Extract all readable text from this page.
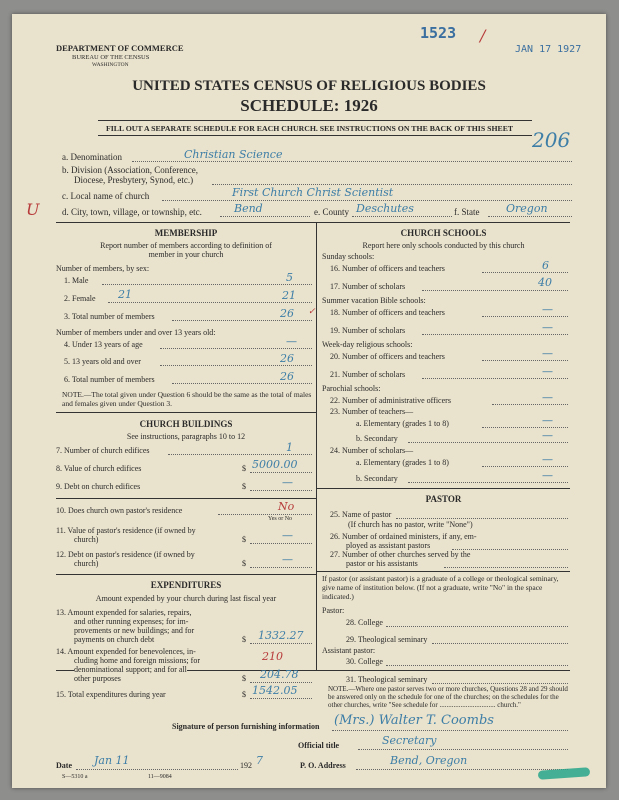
DEPARTMENT OF COMMERCE
BUREAU OF THE CENSUS
WASHINGTON
1523 /
JAN 17 1927
UNITED STATES CENSUS OF RELIGIOUS BODIES
SCHEDULE: 1926
FILL OUT A SEPARATE SCHEDULE FOR EACH CHURCH. SEE INSTRUCTIONS ON THE BACK OF THIS SHEET 206
a. Denomination	Christian Science
b. Division (Association, Conference,
Diocese, Presbytery, Synod, etc.)
c. Local name of church	First Church Christ Scientist
U	d. City, town, village, or township, etc.	Bend	e. County Deschutes	f. State Oregon
MEMBERSHIP
Report number of members according to definition of
member in your church
Number of members, by sex:
1. Male	5
2. Female 21	21
3. Total number of members	26 ✓
Number of members under and over 13 years old:
4. Under 13 years of age	—
5. 13 years old and over	26
6. Total number of members	26
NOTE.—The total given under Question 6 should be the same as the total of males and females given under Question 3.
CHURCH BUILDINGS
See instructions, paragraphs 10 to 12
7. Number of church edifices	1
8. Value of church edifices	$ 5000.00
9. Debt on church edifices	$	—
10. Does church own pastor's residence	No
Yes or No
11. Value of pastor's residence (if owned by
church)	$	—
12. Debt on pastor's residence (if owned by
church)	$	—
EXPENDITURES
Amount expended by your church during last fiscal year
13. Amount expended for salaries, repairs,
and other running expenses; for im-
provements or new buildings; and for
payments on church debt	$ 1332.27
14. Amount expended for benevolences, in-
cluding home and foreign missions; for	210
denominational support; and for all
other purposes	$ 204.78
15. Total expenditures during year	$ 1542.05
CHURCH SCHOOLS
Report here only schools conducted by this church
Sunday schools:
16. Number of officers and teachers	6
17. Number of scholars	40
Summer vacation Bible schools:
18. Number of officers and teachers	—
19. Number of scholars	—
Week-day religious schools:
20. Number of officers and teachers	—
21. Number of scholars	—
Parochial schools:
22. Number of administrative officers	—
23. Number of teachers—
a. Elementary (grades 1 to 8)	—
b. Secondary	—
24. Number of scholars—
a. Elementary (grades 1 to 8)	—
b. Secondary	—
PASTOR
25. Name of pastor
(If church has no pastor, write "None")
26. Number of ordained ministers, if any, em-
ployed as assistant pastors
27. Number of other churches served by the
pastor or his assistants
If pastor (or assistant pastor) is a graduate of a college or theological seminary, give name of institution below. (If not a graduate, write "No" in the space indicated.)
Pastor:
28. College
29. Theological seminary
Assistant pastor:
30. College
31. Theological seminary
NOTE.—Where one pastor serves two or more churches, Questions 28 and 29 should be answered only on the schedule for one of the churches; on the schedules for the other churches, write "See schedule for ................................ church."
Signature of person furnishing information (Mrs.) Walter T. Coombs
Official title	Secretary
Date Jan 11	192 7	P. O. Address	Bend, Oregon
S—5310 a	11—9084
